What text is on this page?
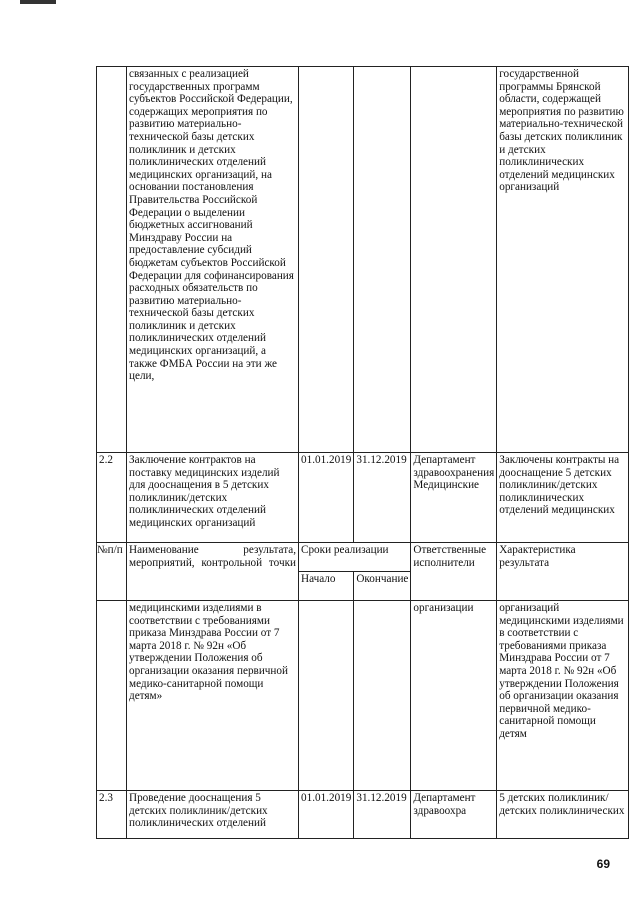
	связанных с реализацией государственных программ субъектов Российской Федерации, содержащих мероприятия по развитию материально-технической базы детских поликлиник и детских поликлинических отделений медицинских организаций, на основании постановления Правительства Российской Федерации о выделении бюджетных ассигнований Минздраву России на предоставление субсидий бюджетам субъектов Российской Федерации для софинансирования расходных обязательств по развитию материально-технической базы детских поликлиник и детских поликлинических отделений медицинских организаций, а также ФМБА России на эти же цели,				государственной программы Брянской области, содержащей мероприятия по развитию материально-технической базы детских поликлиник и детских поликлинических отделений медицинских организаций
2.2	Заключение контрактов на поставку медицинских изделий для дооснащения в 5 детских поликлиник/детских поликлинических отделений медицинских организаций	01.01.2019	31.12.2019	Департамент здравоохранения Медицинские	Заключены контракты на дооснащение 5 детских поликлиник/детских поликлинических отделений медицинских

№п/п	Наименование результата, мероприятий, контрольной точки	Сроки реализации		Ответственные исполнители	Характеристика результата
		Начало	Окончание		
	медицинскими изделиями в соответствии с требованиями приказа Минздрава России от 7 марта 2018 г. № 92н «Об утверждении Положения об организации оказания первичной медико-санитарной помощи детям»			организации	организаций медицинскими изделиями в соответствии с требованиями приказа Минздрава России от 7 марта 2018 г. № 92н «Об утверждении Положения об организации оказания первичной медико-санитарной помощи детям
2.3	Проведение дооснащения 5 детских поликлиник/детских поликлинических отделений	01.01.2019	31.12.2019	Департамент здравоохра	5 детских поликлиник/ детских поликлинических
69
